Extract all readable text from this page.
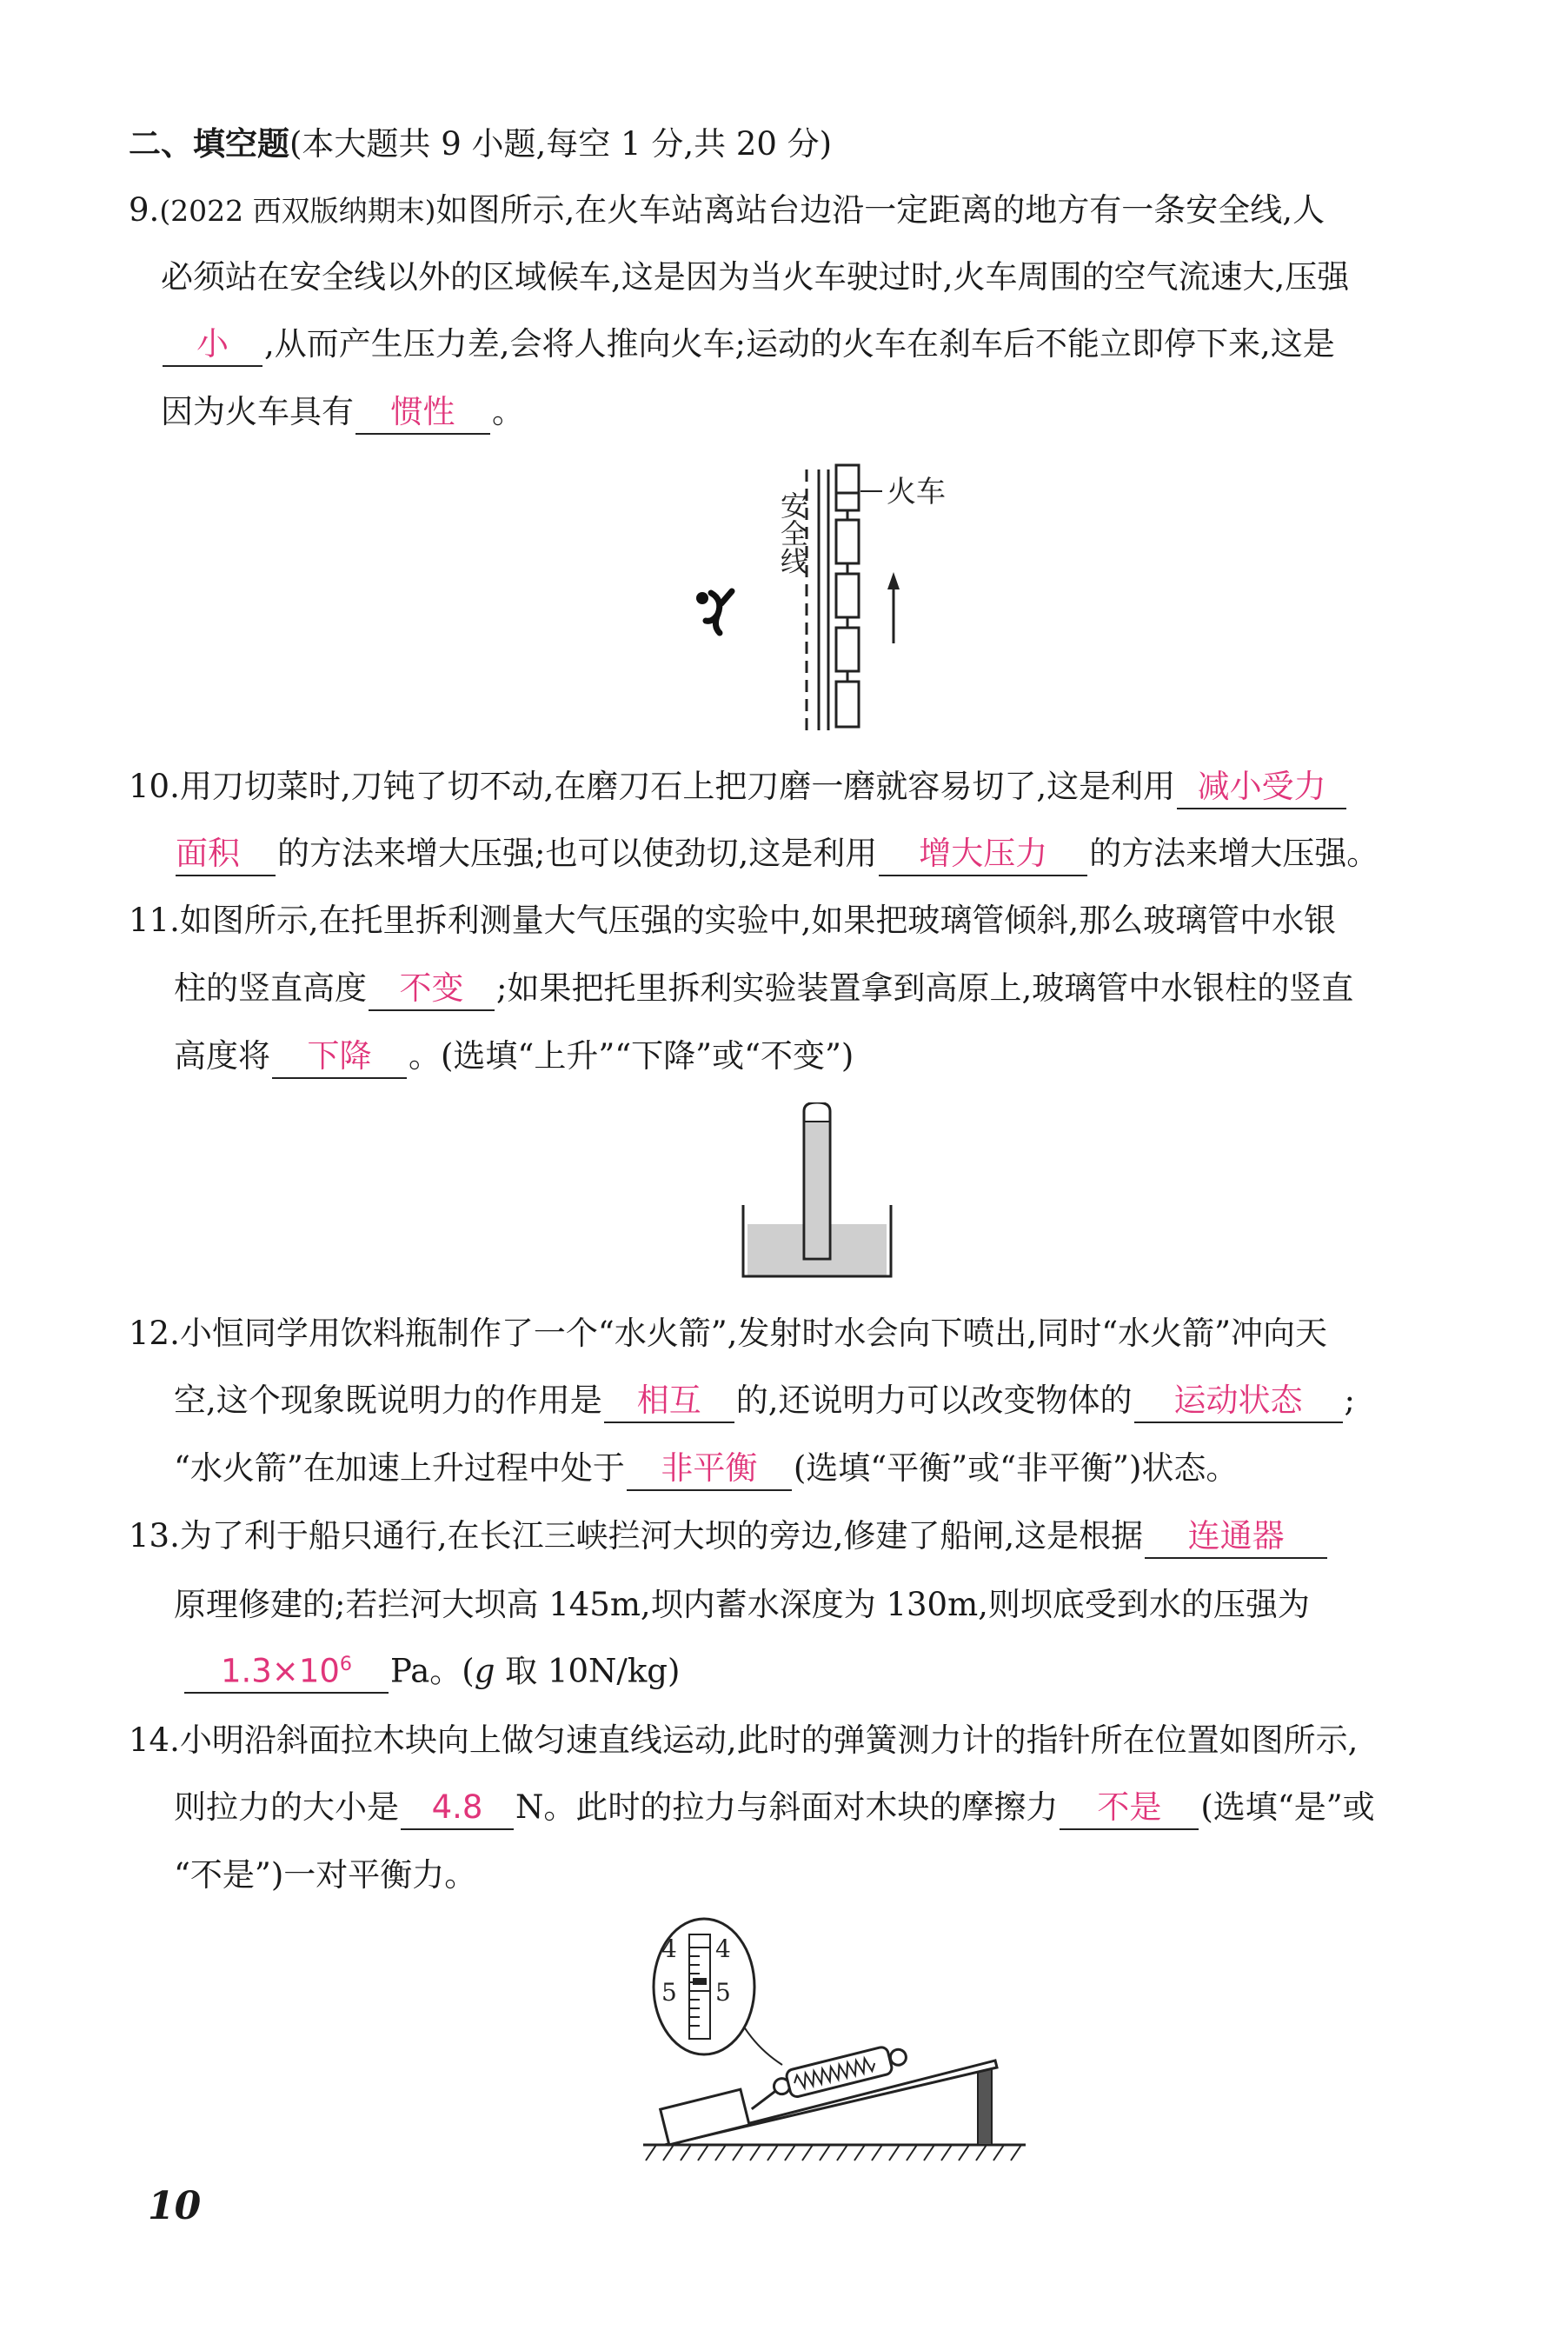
二、填空题(本大题共 9 小题,每空 1 分,共 20 分)
9.(2022 西双版纳期末)如图所示,在火车站离站台边沿一定距离的地方有一条安全线,人
必须站在安全线以外的区域候车,这是因为当火车驶过时,火车周围的空气流速大,压强
小 ,从而产生压力差,会将人推向火车;运动的火车在刹车后不能立即停下来,这是
因为火车具有 惯性 。
火车
安全线
10.用刀切菜时,刀钝了切不动,在磨刀石上把刀磨一磨就容易切了,这是利用 减小受力
面积 的方法来增大压强;也可以使劲切,这是利用 增大压力 的方法来增大压强。
11.如图所示,在托里拆利测量大气压强的实验中,如果把玻璃管倾斜,那么玻璃管中水银
柱的竖直高度 不变 ;如果把托里拆利实验装置拿到高原上,玻璃管中水银柱的竖直
高度将 下降 。(选填“上升”“下降”或“不变”)
12.小恒同学用饮料瓶制作了一个“水火箭”,发射时水会向下喷出,同时“水火箭”冲向天
空,这个现象既说明力的作用是 相互 的,还说明力可以改变物体的 运动状态 ;
“水火箭”在加速上升过程中处于 非平衡 (选填“平衡”或“非平衡”)状态。
13.为了利于船只通行,在长江三峡拦河大坝的旁边,修建了船闸,这是根据 连通器
原理修建的;若拦河大坝高 145m,坝内蓄水深度为 130m,则坝底受到水的压强为
$1.3\times 10^6$ Pa。(g 取 10N/kg)
14.小明沿斜面拉木块向上做匀速直线运动,此时的弹簧测力计的指针所在位置如图所示,
则拉力的大小是 4.8 N。此时的拉力与斜面对木块的摩擦力 不是 (选填“是”或
“不是”)一对平衡力。
4
5
4
5
10
